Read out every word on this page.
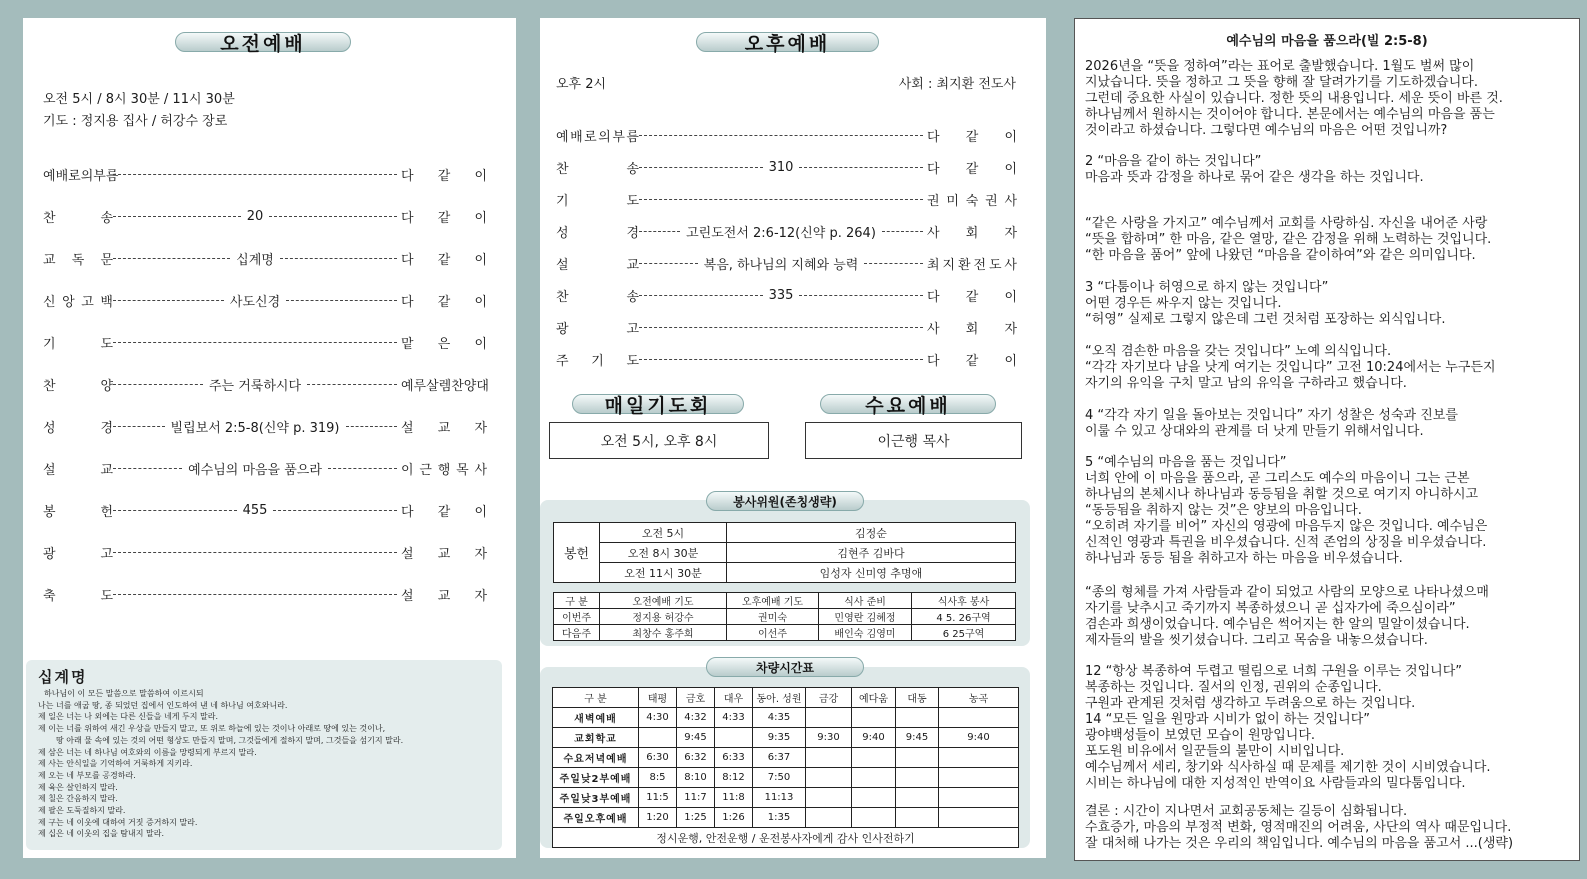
오전예배
오전 5시 / 8시 30분 / 11시 30분
기도 : 정지용 집사 / 허강수 장로
예 배 로 의 부 름	다 같 이
찬	송	20	다 같 이
교 독 문	십계명	다 같 이
신 앙 고 백	사도신경	다 같 이
기	도	맡 은 이
찬	양	주는 거룩하시다	예루살렘찬양대
성	경	빌립보서 2:5-8(신약 p. 319)	설 교 자
설	교	예수님의 마음을 품으라	이 근 행 목 사
봉	헌	455	다 같 이
광	고	설 교 자
축	도	설 교 자
십계명
하나님이 이 모든 말씀으로 말씀하여 이르시되
나는 너를 애굽 땅, 종 되었던 집에서 인도하여 낸 네 하나님 여호와니라.
제 일은 너는 나 외에는 다른 신들을 네게 두지 말라.
제 이는 너를 위하여 새긴 우상을 만들지 말고, 또 위로 하늘에 있는 것이나 아래로 땅에 있는 것이나,
땅 아래 물 속에 있는 것의 어떤 형상도 만들지 말며, 그것들에게 절하지 말며, 그것들을 섬기지 말라.
제 삼은 너는 네 하나님 여호와의 이름을 망령되게 부르지 말라.
제 사는 안식일을 기억하여 거룩하게 지키라.
제 오는 네 부모를 공경하라.
제 육은 살인하지 말라.
제 칠은 간음하지 말라.
제 팔은 도둑질하지 말라.
제 구는 네 이웃에 대하여 거짓 증거하지 말라.
제 십은 네 이웃의 집을 탐내지 말라.
오후예배
오후 2시	사회 : 최지환 전도사
예 배 로 의 부 름	다 같 이
찬	송	310	다 같 이
기	도	권 미 숙 권 사
성	경	고린도전서 2:6-12(신약 p. 264)	사 회 자
설	교	복음, 하나님의 지혜와 능력	최 지 환 전 도 사
찬	송	335	다 같 이
광	고	사 회 자
주 기 도	다 같 이
매일기도회	수요예배
오전 5시, 오후 8시	이근행 목사
봉사위원(존칭생략)
봉헌	오전 5시	김정순
	오전 8시 30분	김현주 김바다
	오전 11시 30분	임성자 신미영 추명애
구 분	오전예배 기도	오후예배 기도	식사 준비	식사후 봉사
이번주	정지용 허강수	권미숙	민영란 김혜정	4 5. 26구역
다음주	최창수 홍주희	이선주	배인숙 김영미	6 25구역
차량시간표
구 분	태평	금호	대우	동아. 성원	금강	예다움	대동	농곡
새벽예배	4:30	4:32	4:33	4:35				
교회학교		9:45		9:35	9:30	9:40	9:45	9:40
수요저녁예배	6:30	6:32	6:33	6:37				
주일낮2부예배	8:5	8:10	8:12	7:50				
주일낮3부예배	11:5	11:7	11:8	11:13				
주일오후예배	1:20	1:25	1:26	1:35				
정시운행, 안전운행 / 운전봉사자에게 감사 인사전하기								
예수님의 마음을 품으라(빌 2:5-8)
2026년을 “뜻을 정하여”라는 표어로 출발했습니다. 1월도 벌써 많이
지났습니다. 뜻을 정하고 그 뜻을 향해 잘 달려가기를 기도하겠습니다.
그런데 중요한 사실이 있습니다. 정한 뜻의 내용입니다. 세운 뜻이 바른 것.
하나님께서 원하시는 것이어야 합니다. 본문에서는 예수님의 마음을 품는
것이라고 하셨습니다. 그렇다면 예수님의 마음은 어떤 것입니까?
2 “마음을 같이 하는 것입니다”
마음과 뜻과 감정을 하나로 묶어 같은 생각을 하는 것입니다.
“같은 사랑을 가지고” 예수님께서 교회를 사랑하심. 자신을 내어준 사랑
“뜻을 합하며” 한 마음, 같은 열망, 같은 감정을 위해 노력하는 것입니다.
“한 마음을 품어” 앞에 나왔던 “마음을 같이하여”와 같은 의미입니다.
3 “다툼이나 허영으로 하지 않는 것입니다”
어떤 경우든 싸우지 않는 것입니다.
“허영” 실제로 그렇지 않은데 그런 것처럼 포장하는 외식입니다.
“오직 겸손한 마음을 갖는 것입니다” 노예 의식입니다.
“각각 자기보다 남을 낫게 여기는 것입니다” 고전 10:24에서는 누구든지
자기의 유익을 구치 말고 남의 유익을 구하라고 했습니다.
4 “각각 자기 일을 돌아보는 것입니다” 자기 성찰은 성숙과 진보를
이룰 수 있고 상대와의 관계를 더 낫게 만들기 위해서입니다.
5 “예수님의 마음을 품는 것입니다”
너희 안에 이 마음을 품으라, 곧 그리스도 예수의 마음이니 그는 근본
하나님의 본체시나 하나님과 동등됨을 취할 것으로 여기지 아니하시고
“동등됨을 취하지 않는 것”은 양보의 마음입니다.
“오히려 자기를 비어” 자신의 영광에 마음두지 않은 것입니다. 예수님은
신적인 영광과 특권을 비우셨습니다. 신적 존엄의 상징을 비우셨습니다.
하나님과 동등 됨을 취하고자 하는 마음을 비우셨습니다.
“종의 형체를 가져 사람들과 같이 되었고 사람의 모양으로 나타나셨으매
자기를 낮추시고 죽기까지 복종하셨으니 곧 십자가에 죽으심이라”
겸손과 희생이었습니다. 예수님은 썩어지는 한 알의 밀알이셨습니다.
제자들의 발을 씻기셨습니다. 그리고 목숨을 내놓으셨습니다.
12 “항상 복종하여 두렵고 떨림으로 너희 구원을 이루는 것입니다”
복종하는 것입니다. 질서의 인정, 권위의 순종입니다.
구원과 관계된 것처럼 생각하고 두려움으로 하는 것입니다.
14 “모든 일을 원망과 시비가 없이 하는 것입니다”
광야백성들이 보였던 모습이 원망입니다.
포도원 비유에서 일꾼들의 불만이 시비입니다.
예수님께서 세리, 창기와 식사하실 때 문제를 제기한 것이 시비였습니다.
시비는 하나님에 대한 지성적인 반역이요 사람들과의 밀다툼입니다.
결론 : 시간이 지나면서 교회공동체는 길등이 심화됩니다.
수효증가, 마음의 부정적 변화, 영적매진의 어려움, 사단의 역사 때문입니다.
잘 대처해 나가는 것은 우리의 책임입니다. 예수님의 마음을 품고서 ...(생략)
